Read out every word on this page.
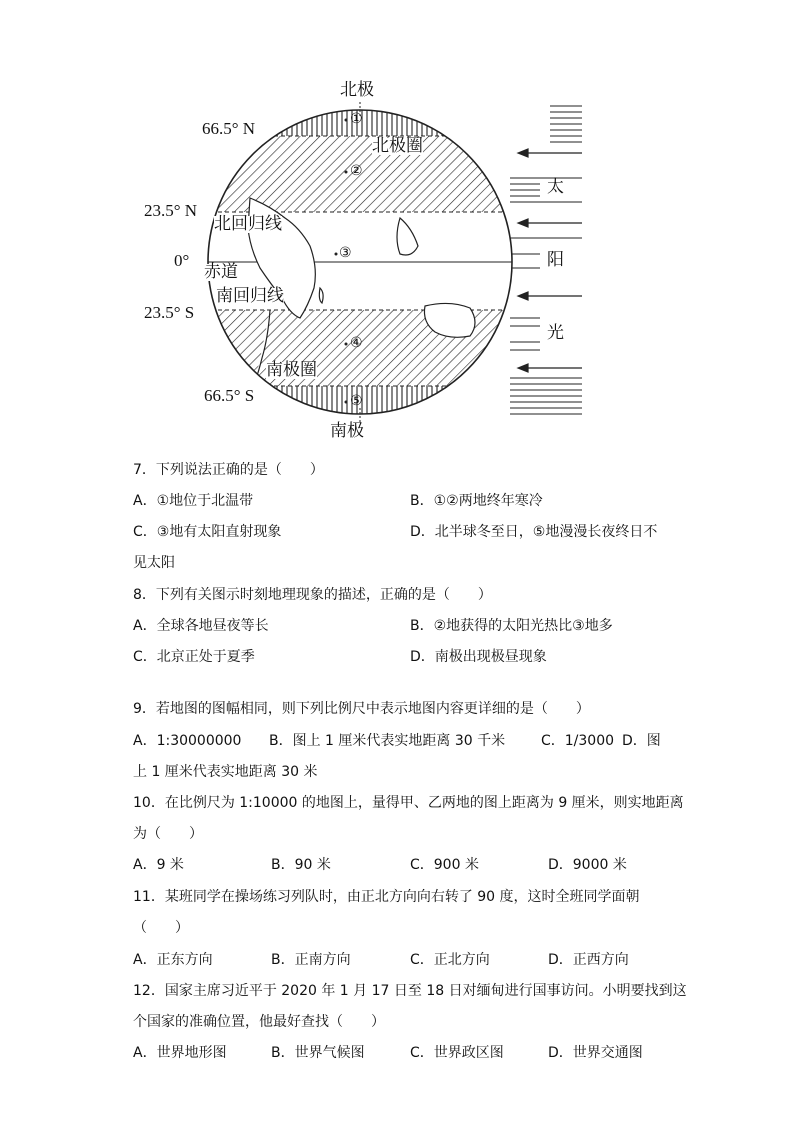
北极
南极
66.5° N
23.5° N
0°
23.5° S
66.5° S
北极圈
北回归线
赤道
南回归线
南极圈
①
②
③
④
⑤
太
阳
光
7．下列说法正确的是（　　）
A．①地位于北温带	B．①②两地终年寒冷
C．③地有太阳直射现象	D．北半球冬至日，⑤地漫漫长夜终日不
见太阳
8．下列有关图示时刻地理现象的描述，正确的是（　　）
A．全球各地昼夜等长	B．②地获得的太阳光热比③地多
C．北京正处于夏季	D．南极出现极昼现象
9．若地图的图幅相同，则下列比例尺中表示地图内容更详细的是（　　）
A．1:30000000 B．图上 1 厘米代表实地距离 30 千米	C．1/3000 D．图
上 1 厘米代表实地距离 30 米
10．在比例尺为 1:10000 的地图上，量得甲、乙两地的图上距离为 9 厘米，则实地距离
为（　　）
A．9 米	B．90 米	C．900 米	D．9000 米
11．某班同学在操场练习列队时，由正北方向向右转了 90 度，这时全班同学面朝
（　　）
A．正东方向	B．正南方向	C．正北方向	D．正西方向
12．国家主席习近平于 2020 年 1 月 17 日至 18 日对缅甸进行国事访问。小明要找到这
个国家的准确位置，他最好查找（　　）
A．世界地形图	B．世界气候图	C．世界政区图	D．世界交通图
